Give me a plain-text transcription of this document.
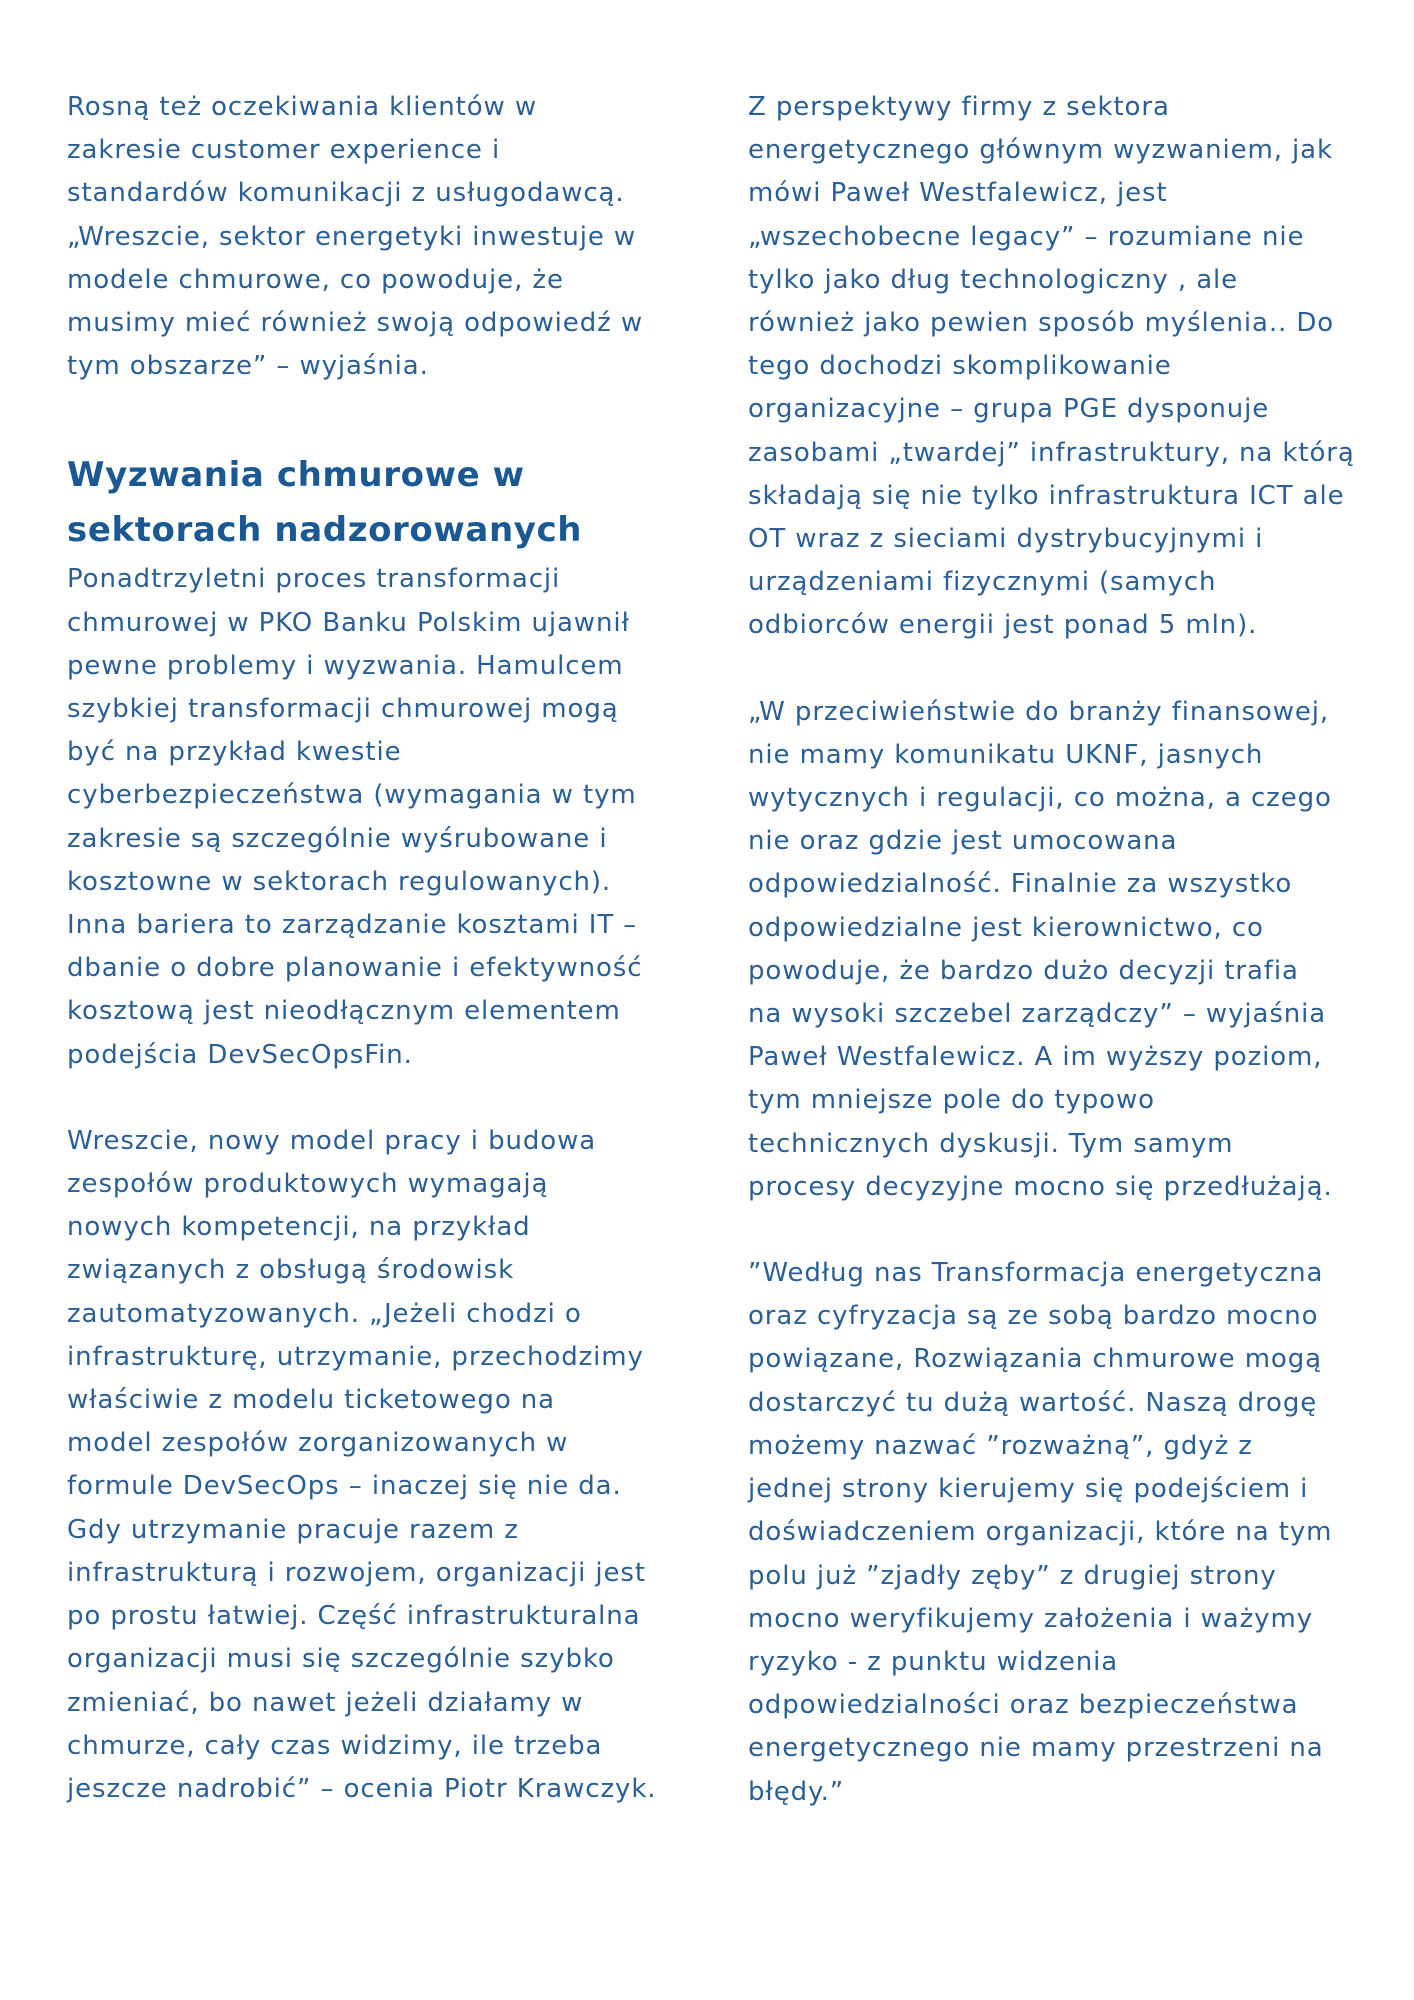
Rosną też oczekiwania klientów w
zakresie customer experience i
standardów komunikacji z usługodawcą.
„Wreszcie, sektor energetyki inwestuje w
modele chmurowe, co powoduje, że
musimy mieć również swoją odpowiedź w
tym obszarze” – wyjaśnia.

Wyzwania chmurowe w
sektorach nadzorowanych

Ponadtrzyletni proces transformacji
chmurowej w PKO Banku Polskim ujawnił
pewne problemy i wyzwania. Hamulcem
szybkiej transformacji chmurowej mogą
być na przykład kwestie
cyberbezpieczeństwa (wymagania w tym
zakresie są szczególnie wyśrubowane i
kosztowne w sektorach regulowanych).
Inna bariera to zarządzanie kosztami IT –
dbanie o dobre planowanie i efektywność
kosztową jest nieodłącznym elementem
podejścia DevSecOpsFin.

Wreszcie, nowy model pracy i budowa
zespołów produktowych wymagają
nowych kompetencji, na przykład
związanych z obsługą środowisk
zautomatyzowanych. „Jeżeli chodzi o
infrastrukturę, utrzymanie, przechodzimy
właściwie z modelu ticketowego na
model zespołów zorganizowanych w
formule DevSecOps – inaczej się nie da.
Gdy utrzymanie pracuje razem z
infrastrukturą i rozwojem, organizacji jest
po prostu łatwiej. Część infrastrukturalna
organizacji musi się szczególnie szybko
zmieniać, bo nawet jeżeli działamy w
chmurze, cały czas widzimy, ile trzeba
jeszcze nadrobić” – ocenia Piotr Krawczyk.

Z perspektywy firmy z sektora
energetycznego głównym wyzwaniem, jak
mówi Paweł Westfalewicz, jest
„wszechobecne legacy” – rozumiane nie
tylko jako dług technologiczny , ale
również jako pewien sposób myślenia.. Do
tego dochodzi skomplikowanie
organizacyjne – grupa PGE dysponuje
zasobami „twardej” infrastruktury, na którą
składają się nie tylko infrastruktura ICT ale
OT wraz z sieciami dystrybucyjnymi i
urządzeniami fizycznymi (samych
odbiorców energii jest ponad 5 mln).

„W przeciwieństwie do branży finansowej,
nie mamy komunikatu UKNF, jasnych
wytycznych i regulacji, co można, a czego
nie oraz gdzie jest umocowana
odpowiedzialność. Finalnie za wszystko
odpowiedzialne jest kierownictwo, co
powoduje, że bardzo dużo decyzji trafia
na wysoki szczebel zarządczy” – wyjaśnia
Paweł Westfalewicz. A im wyższy poziom,
tym mniejsze pole do typowo
technicznych dyskusji. Tym samym
procesy decyzyjne mocno się przedłużają.

”Według nas Transformacja energetyczna
oraz cyfryzacja są ze sobą bardzo mocno
powiązane, Rozwiązania chmurowe mogą
dostarczyć tu dużą wartość. Naszą drogę
możemy nazwać ”rozważną”, gdyż z
jednej strony kierujemy się podejściem i
doświadczeniem organizacji, które na tym
polu już ”zjadły zęby” z drugiej strony
mocno weryfikujemy założenia i ważymy
ryzyko - z punktu widzenia
odpowiedzialności oraz bezpieczeństwa
energetycznego nie mamy przestrzeni na
błędy.”
